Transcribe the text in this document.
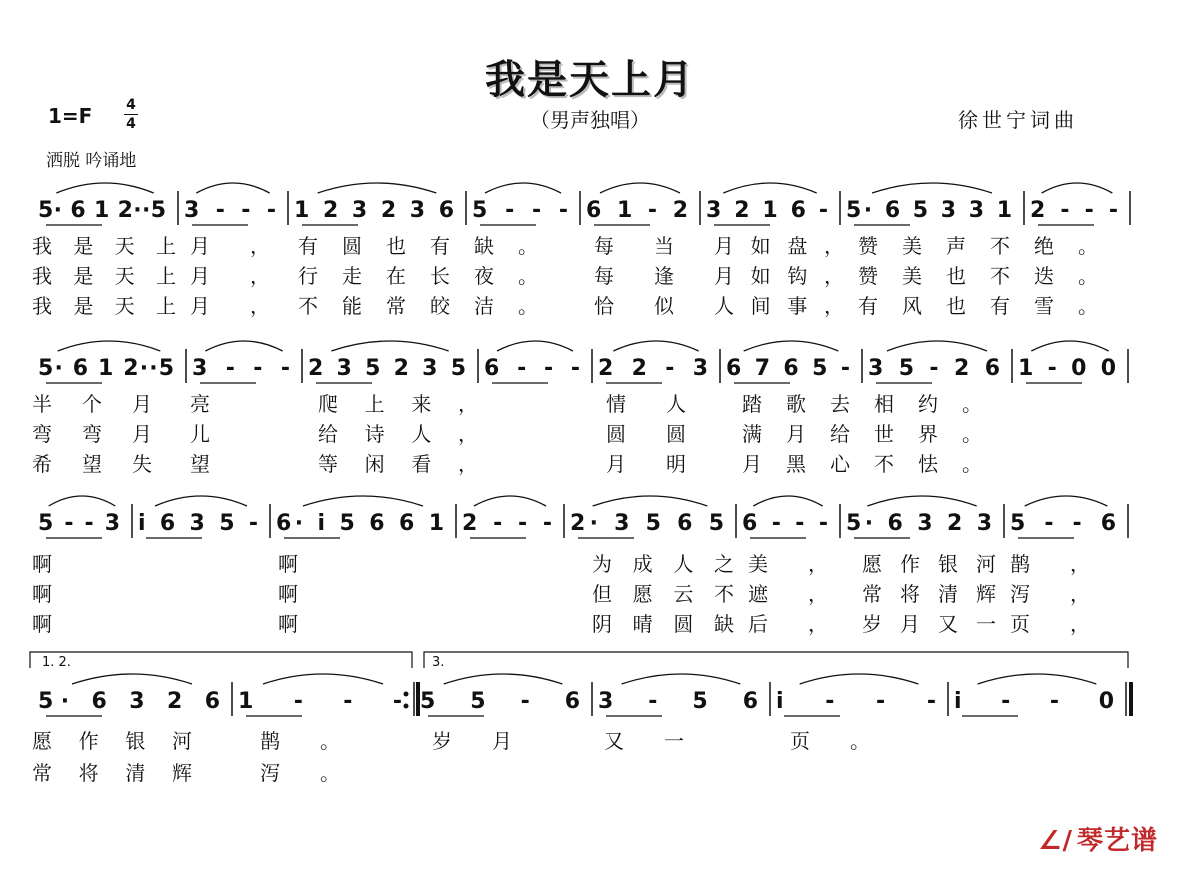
我是天上月
（男声独唱）
1=F 4
4
洒脱 吟诵地
徐世宁词曲
5· 6 1 2··5 3 - - - 1 2 3 2 3 6 5 - - - 6 1 - 2 3 2 1 6 - 5· 6 5 3 3 1 2 - - -
我是天上 月， 有圆也有缺。	每当 月如盘， 赞美声不绝。
我是天上 月， 行走在长夜。	每逢 月如钩， 赞美也不迭。
我是天上 月， 不能常皎洁。	恰似 人间事， 有风也有雪。
5· 6 1 2··5 3 - - - 2 3 5 2 3 5 6 - - - 2 2 - 3 6 7 6 5 - 3 5 - 2 6 1 - 0 0
半个月 亮	爬上来，	情人	踏歌去相约。
弯弯月 儿	给诗人，	圆圆	满月给世界。
希望失 望	等闲看，	月明	月黑心不怯。
5 - - 3 i 6 3 5 - 6· i 5 6 6 1 2 - - - 2· 3 5 6 5 6 - - - 5· 6 3 2 3 5 - - 6
啊	啊	为成人之 美， 愿作银河 鹊，
啊	啊	但愿云不 遮， 常将清辉 泻，
啊	啊	阴晴圆缺 后， 岁月又一 页，
5· 6 3 2 6 1 - - - 5 5 - 6 3 - 5 6 i - - - i - - 0
1. 2.	3.
愿作银河	鹊。	岁月	又一	页。
常将清辉	泻。
∠∕ 琴艺谱
